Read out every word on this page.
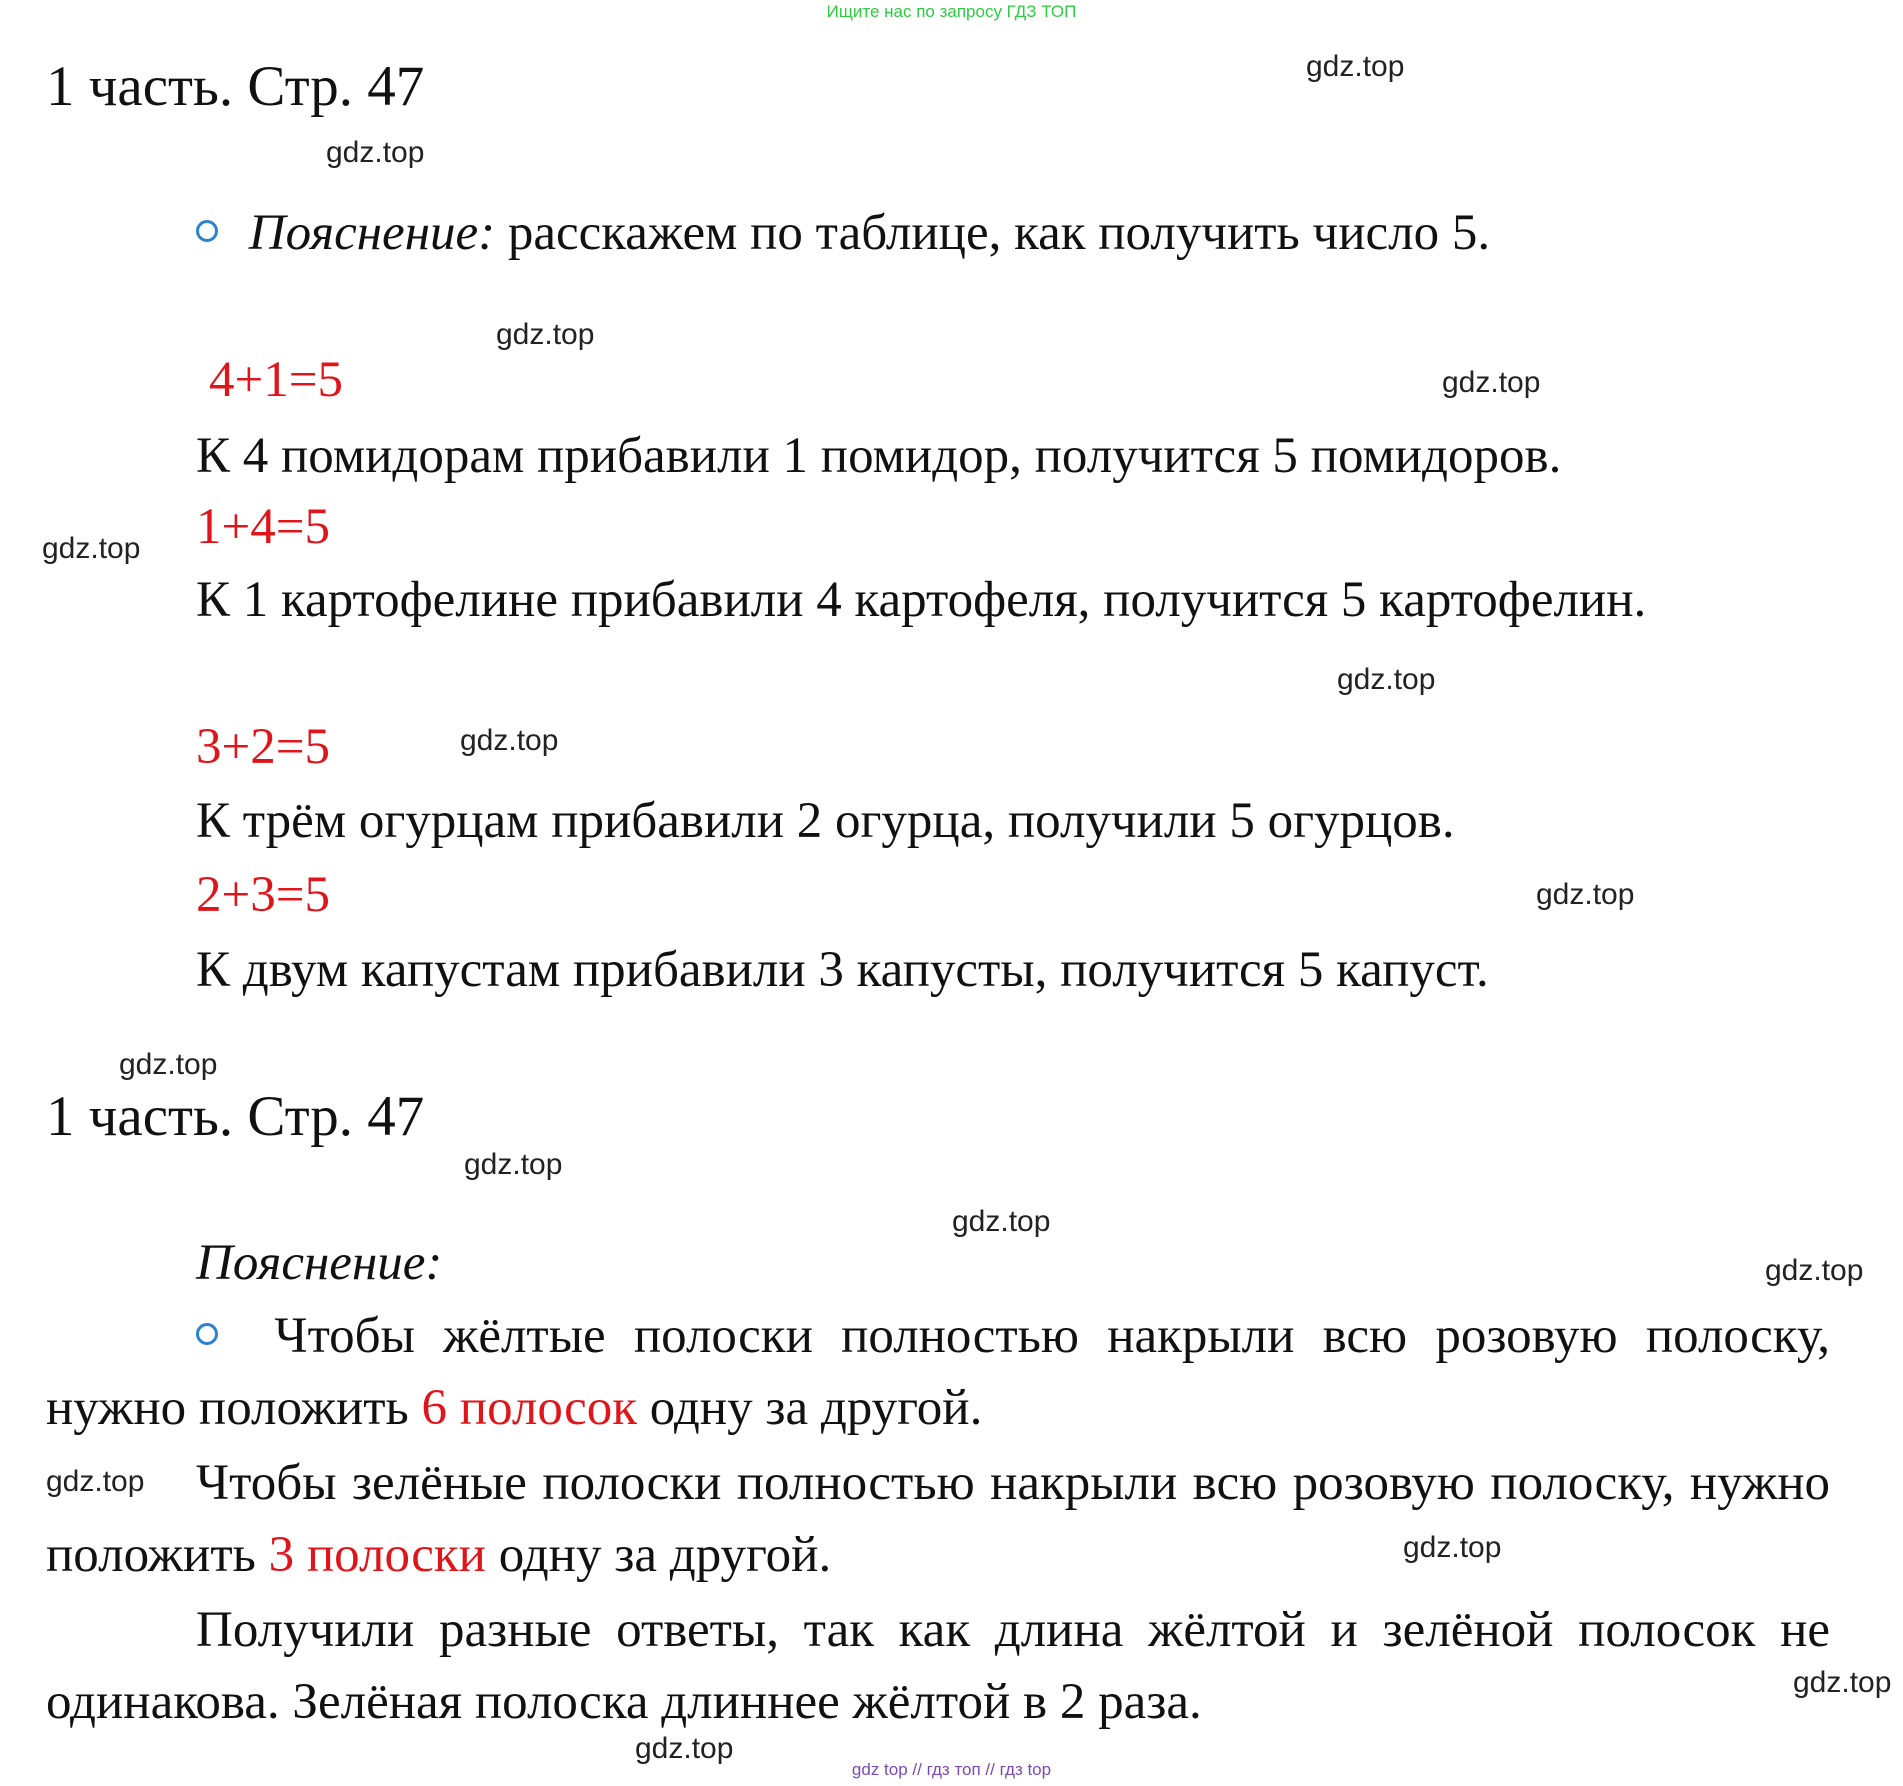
Ищите нас по запросу ГДЗ ТОП
gdz top // гдз топ // гдз top
1 часть. Стр. 47
Пояснение: расскажем по таблице, как получить число 5.
4+1=5
К 4 помидорам прибавили 1 помидор, получится 5 помидоров.
1+4=5
К 1 картофелине прибавили 4 картофеля, получится 5 картофелин.
3+2=5
К трём огурцам прибавили 2 огурца, получили 5 огурцов.
2+3=5
К двум капустам прибавили 3 капусты, получится 5 капуст.
1 часть. Стр. 47
Пояснение:
Чтобы жёлтые полоски полностью накрыли всю розовую полоску, нужно положить 6 полосок одну за другой.
Чтобы зелёные полоски полностью накрыли всю розовую полоску, нужно положить 3 полоски одну за другой.
Получили разные ответы, так как длина жёлтой и зелёной полосок не одинакова. Зелёная полоска длиннее жёлтой в 2 раза.
gdz.top
gdz.top
gdz.top
gdz.top
gdz.top
gdz.top
gdz.top
gdz.top
gdz.top
gdz.top
gdz.top
gdz.top
gdz.top
gdz.top
gdz.top
gdz.top
